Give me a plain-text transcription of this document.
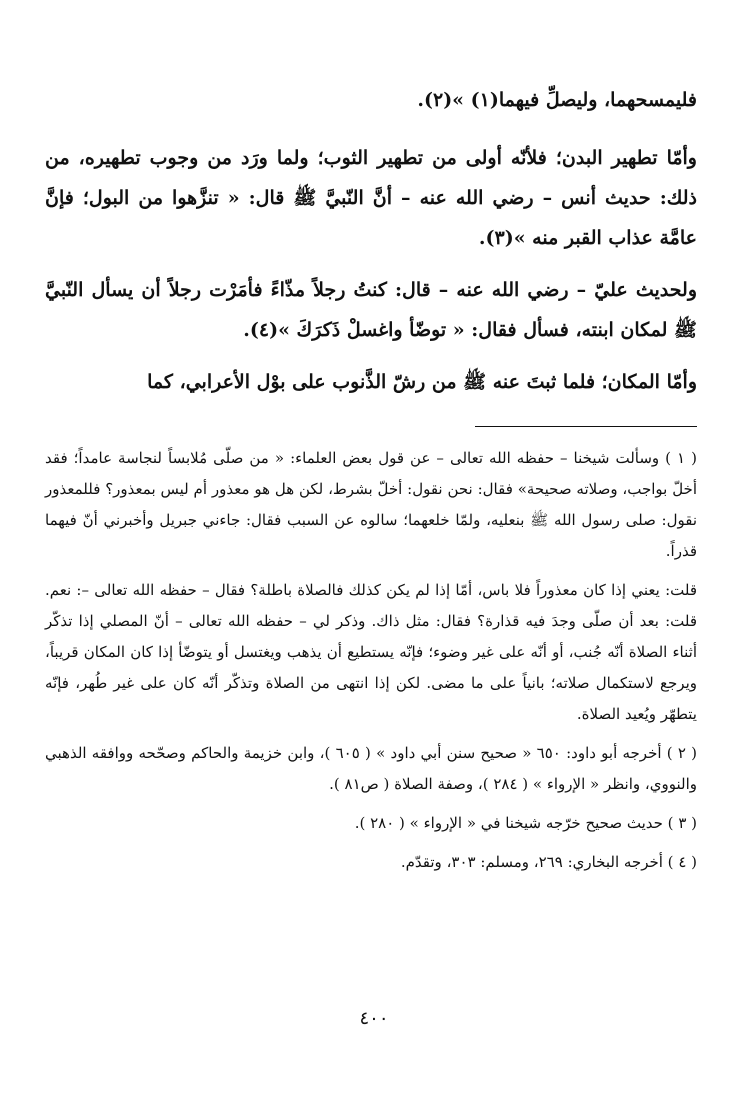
فليمسحهما، وليصلِّ فيهما(١) »(٢).

وأمّا تطهير البدن؛ فلأنّه أولى من تطهير الثوب؛ ولما ورَد من وجوب تطهيره، من ذلك: حديث أنس – رضي الله عنه – أنَّ النّبيَّ ﷺ قال: « تنزَّهوا من البول؛ فإنَّ عامَّة عذاب القبر منه »(٣).

ولحديث عليّ – رضي الله عنه – قال: كنتُ رجلاً مذّاءً فأمَرْت رجلاً أن يسأل النّبيَّ ﷺ لمكان ابنته، فسأل فقال: « توضّأ واغسلْ ذَكرَكَ »(٤).

وأمّا المكان؛ فلما ثبتَ عنه ﷺ من رشّ الذَّنوب على بوْل الأعرابي، كما

( ١ ) وسألت شيخنا – حفظه الله تعالى – عن قول بعض العلماء: « من صلّى مُلابساً لنجاسة عامداً؛ فقد أخلّ بواجب، وصلاته صحيحة» فقال: نحن نقول: أخلّ بشرط، لكن هل هو معذور أم ليس بمعذور؟ فللمعذور نقول: صلى رسول الله ﷺ بنعليه، ولمّا خلعهما؛ سالوه عن السبب فقال: جاءني جبريل وأخبرني أنّ فيهما قذراً.

قلت: يعني إذا كان معذوراً فلا باس، أمّا إذا لم يكن كذلك فالصلاة باطلة؟ فقال – حفظه الله تعالى –: نعم. قلت: بعد أن صلّى وجدَ فيه قذارة؟ فقال: مثل ذاك. وذكر لي – حفظه الله تعالى – أنّ المصلي إذا تذكّر أثناء الصلاة أنّه جُنب، أو أنّه على غير وضوء؛ فإنّه يستطيع أن يذهب ويغتسل أو يتوضّأ إذا كان المكان قريباً، ويرجع لاستكمال صلاته؛ بانياً على ما مضى. لكن إذا انتهى من الصلاة وتذكّر أنّه كان على غير طُهر، فإنّه يتطهّر ويُعيد الصلاة.

( ٢ ) أخرجه أبو داود: ٦٥٠ « صحيح سنن أبي داود » ( ٦٠٥ )، وابن خزيمة والحاكم وصحّحه ووافقه الذهبي والنووي، وانظر « الإرواء » ( ٢٨٤ )، وصفة الصلاة ( ص٨١ ).

( ٣ ) حديث صحيح خرّجه شيخنا في « الإرواء » ( ٢٨٠ ).

( ٤ ) أخرجه البخاري: ٢٦٩، ومسلم: ٣٠٣، وتقدّم.

٤٠٠
